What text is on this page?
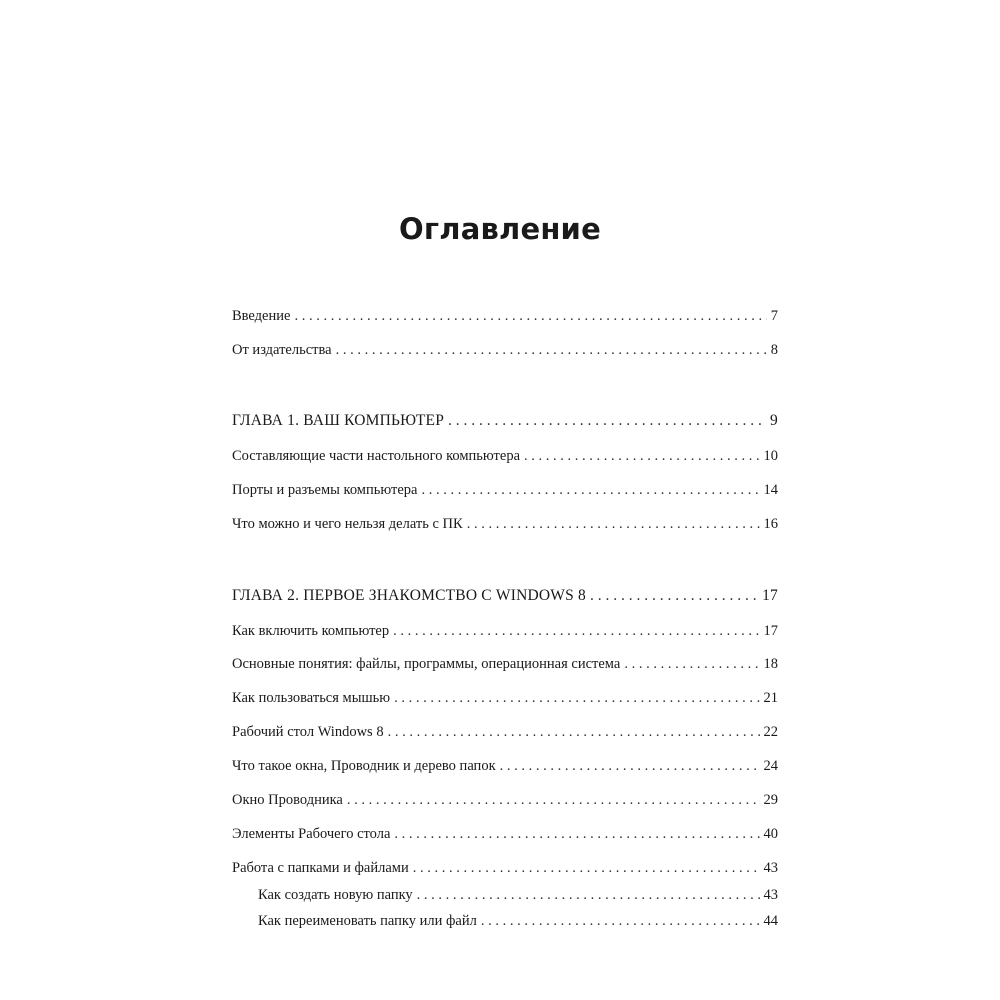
Оглавление
Введение . . .	7
От издательства . . .	8
ГЛАВА 1. ВАШ КОМПЬЮТЕР . . .	9
Составляющие части настольного компьютера . . .	10
Порты и разъемы компьютера . . .	14
Что можно и чего нельзя делать с ПК . . .	16
ГЛАВА 2. ПЕРВОЕ ЗНАКОМСТВО С WINDOWS 8 . . .	17
Как включить компьютер . . .	17
Основные понятия: файлы, программы, операционная система . . .	18
Как пользоваться мышью . . .	21
Рабочий стол Windows 8 . . .	22
Что такое окна, Проводник и дерево папок . . .	24
Окно Проводника . . .	29
Элементы Рабочего стола . . .	40
Работа с папками и файлами . . .	43
Как создать новую папку . . .	43
Как переименовать папку или файл . . .	44
